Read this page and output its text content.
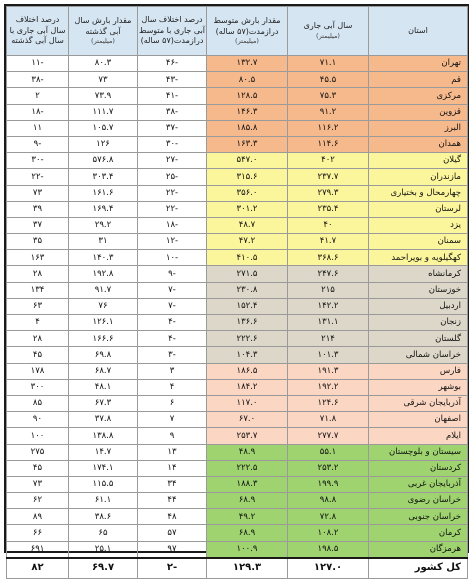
استان	سال آبی جاری
(میلیمتر)	مقدار بارش متوسط درازمدت(۵۷ ساله)
(میلیمتر)	درصد اختلاف سال آبی جاری با متوسط درازمدت(۵۷ ساله)	مقدار بارش سال آبی گذشته
(میلیمتر)	درصد اختلاف سال آبی جاری با سال آبی گذشته
تهران	۷۱.۱	۱۳۲.۷	-۴۶	۸۰.۳	-۱۱
قم	۴۵.۵	۸۰.۵	-۴۳	۷۳	-۳۸
مرکزی	۷۵.۳	۱۲۸.۵	-۴۱	۷۳.۹	۲
قزوین	۹۱.۲	۱۴۶.۳	-۳۸	۱۱۱.۷	-۱۸
البرز	۱۱۶.۲	۱۸۵.۸	-۳۷	۱۰۵.۷	۱۱
همدان	۱۱۴.۶	۱۶۳.۳	-۳۰	۱۲۶	-۹
گیلان	۴۰۲	۵۴۷.۰	-۲۷	۵۷۶.۸	-۳۰
مازندران	۲۳۷.۷	۳۱۵.۶	-۲۵	۳۰۳.۴	-۲۲
چهارمحال و بختیاری	۲۷۹.۳	۳۵۶.۰	-۲۲	۱۶۱.۶	۷۳
لرستان	۲۳۵.۴	۳۰۱.۲	-۲۲	۱۶۹.۴	۳۹
یزد	۴۰	۴۸.۷	-۱۸	۲۹.۲	۳۷
سمنان	۴۱.۷	۴۷.۲	-۱۲	۳۱	۳۵
کهگیلویه و بویراحمد	۳۶۸.۶	۴۱۰.۵	-۱۰	۱۴۰.۳	۱۶۳
کرمانشاه	۲۴۷.۶	۲۷۱.۵	-۹	۱۹۲.۸	۲۸
خوزستان	۲۱۵	۲۳۰.۸	-۷	۹۱.۷	۱۳۴
اردبیل	۱۴۲.۲	۱۵۲.۴	-۷	۷۶	۶۳
زنجان	۱۳۱.۱	۱۳۶.۶	-۴	۱۲۶.۱	۴
گلستان	۲۱۴	۲۲۲.۶	-۴	۱۶۶.۶	۲۸
خراسان شمالی	۱۰۱.۳	۱۰۴.۳	-۳	۶۹.۸	۴۵
فارس	۱۹۱.۳	۱۸۶.۵	۳	۶۸.۷	۱۷۸
بوشهر	۱۹۲.۲	۱۸۴.۲	۴	۴۸.۱	۳۰۰
آذربایجان شرقی	۱۲۴.۶	۱۱۷.۰	۶	۶۷.۳	۸۵
اصفهان	۷۱.۸	۶۷.۰	۷	۳۷.۸	۹۰
ایلام	۲۷۷.۷	۲۵۳.۷	۹	۱۳۸.۸	۱۰۰
سیستان و بلوچستان	۵۵.۱	۴۸.۹	۱۳	۱۴.۷	۲۷۵
کردستان	۲۵۳.۲	۲۲۲.۵	۱۴	۱۷۴.۱	۴۵
آذربایجان غربی	۱۹۹.۹	۱۸۸.۳	۳۴	۱۱۵.۵	۷۳
خراسان رضوی	۹۸.۸	۶۸.۹	۴۴	۶۱.۱	۶۲
خراسان جنوبی	۷۲.۸	۴۹.۲	۴۸	۳۸.۶	۸۹
کرمان	۱۰۸.۲	۶۸.۹	۵۷	۶۵	۶۶
هرمزگان	۱۹۸.۵	۱۰۰.۹	۹۷	۲۵.۱	۶۹۱
کل کشور	۱۲۷.۰	۱۲۹.۳	-۲	۶۹.۷	۸۲
